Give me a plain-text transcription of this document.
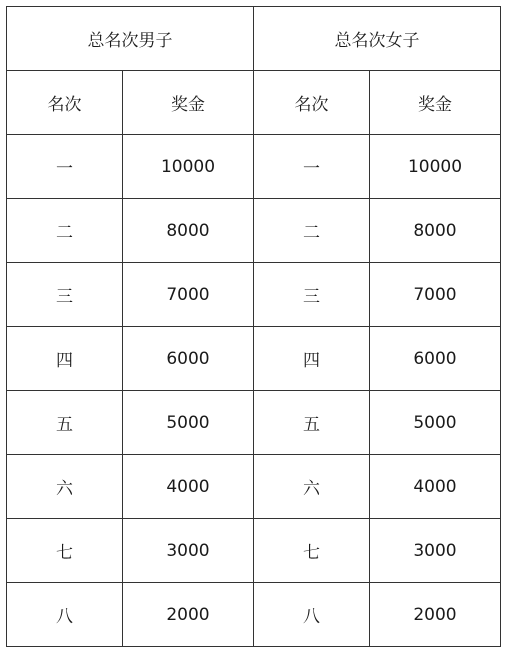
总名次男子		总名次女子	
名次	奖金	名次	奖金
一	10000	一	10000
二	8000	二	8000
三	7000	三	7000
四	6000	四	6000
五	5000	五	5000
六	4000	六	4000
七	3000	七	3000
八	2000	八	2000
